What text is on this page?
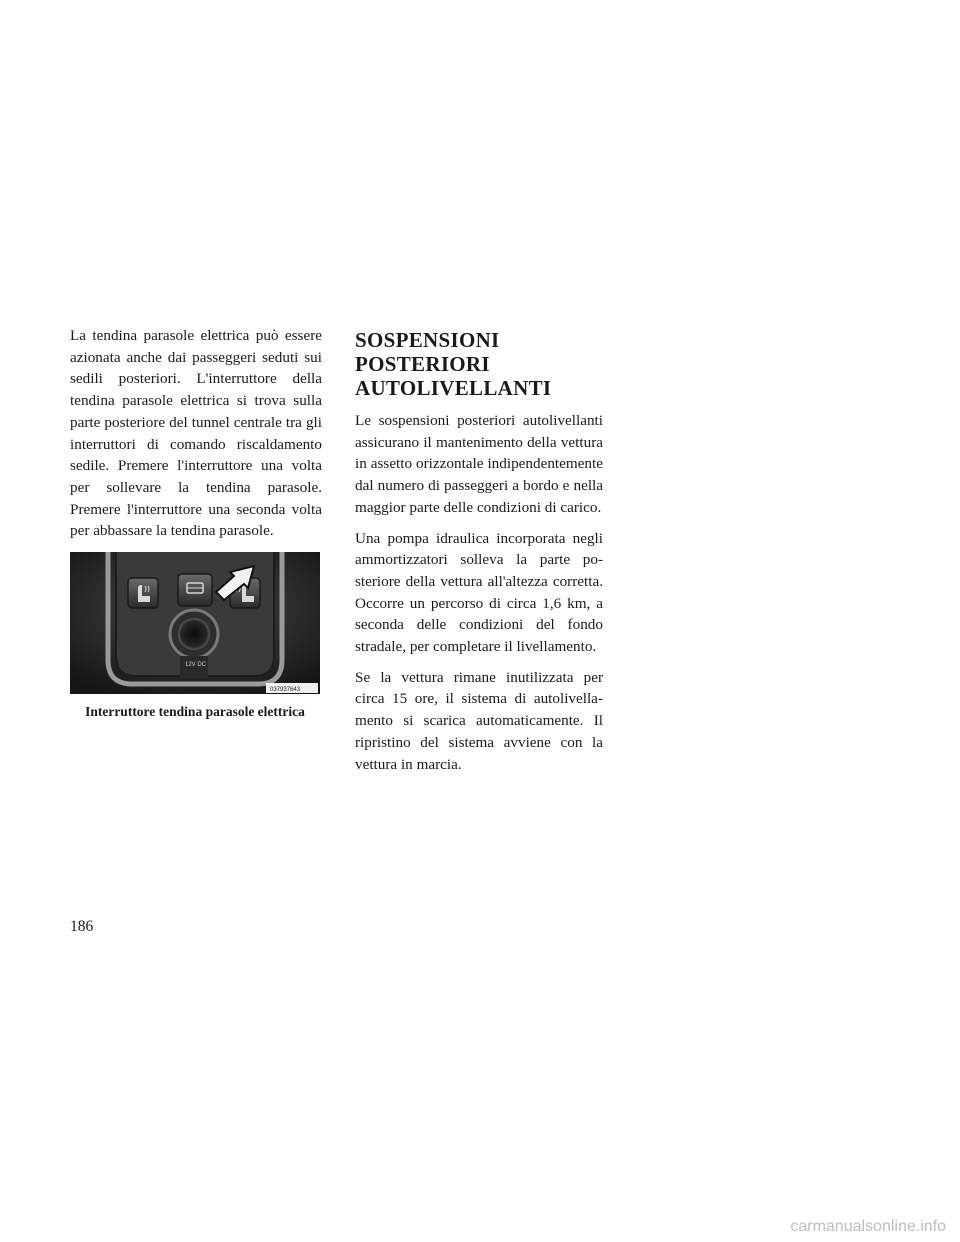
La tendina parasole elettrica può essere azionata anche dai passeggeri seduti sui sedili posteriori. L'interruttore della tendina parasole elettrica si trova sulla parte posteriore del tunnel centrale tra gli interruttori di comando riscaldamento sedile. Premere l'interruttore una volta per sollevare la tendina parasole. Premere l'interruttore una seconda volta per abbassare la tendina parasole.

12V DC
037937643
Interruttore tendina parasole elettrica
SOSPENSIONI POSTERIORI AUTOLIVELLANTI

Le sospensioni posteriori autolivellanti assicurano il mantenimento della vettura in assetto orizzontale indipendentemente dal numero di passeggeri a bordo e nella maggior parte delle condizioni di carico.

Una pompa idraulica incorporata negli ammortizzatori solleva la parte posteriore della vettura all'altezza corretta. Occorre un percorso di circa 1,6 km, a seconda delle condizioni del fondo stradale, per completare il livellamento.

Se la vettura rimane inutilizzata per circa 15 ore, il sistema di autolivellamento si scarica automaticamente. Il ripristino del sistema avviene con la vettura in marcia.

186
carmanualsonline.info
